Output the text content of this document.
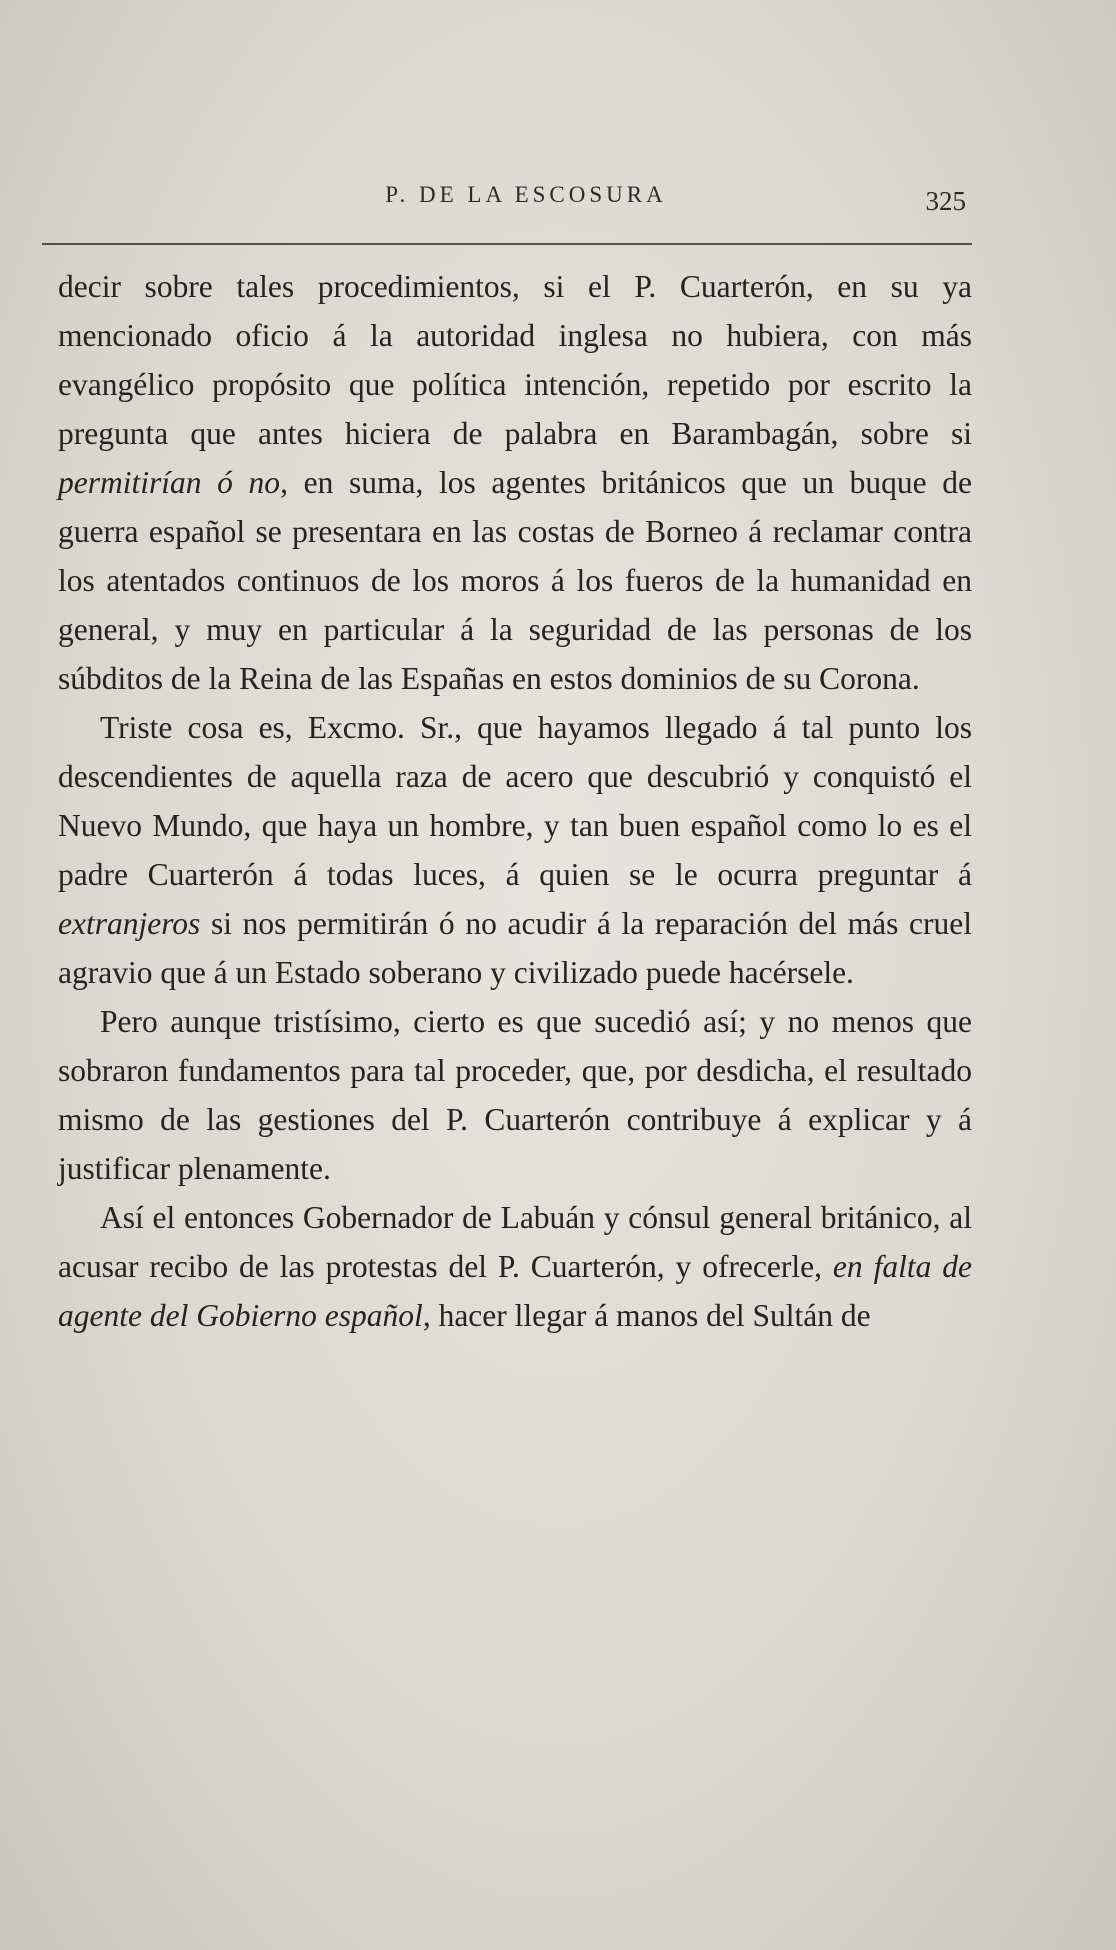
P. DE LA ESCOSURA	325

decir sobre tales procedimientos, si el P. Cuarterón, en su ya mencionado oficio á la autoridad inglesa no hubiera, con más evangélico propósito que política intención, repetido por escrito la pregunta que antes hiciera de palabra en Barambagán, sobre si permitirían ó no, en suma, los agentes británicos que un buque de guerra español se presentara en las costas de Borneo á reclamar contra los atentados continuos de los moros á los fueros de la humanidad en general, y muy en particular á la seguridad de las personas de los súbditos de la Reina de las Españas en estos dominios de su Corona.

Triste cosa es, Excmo. Sr., que hayamos llegado á tal punto los descendientes de aquella raza de acero que descubrió y conquistó el Nuevo Mundo, que haya un hombre, y tan buen español como lo es el padre Cuarterón á todas luces, á quien se le ocurra preguntar á extranjeros si nos permitirán ó no acudir á la reparación del más cruel agravio que á un Estado soberano y civilizado puede hacérsele.

Pero aunque tristísimo, cierto es que sucedió así; y no menos que sobraron fundamentos para tal proceder, que, por desdicha, el resultado mismo de las gestiones del P. Cuarterón contribuye á explicar y á justificar plenamente.

Así el entonces Gobernador de Labuán y cónsul general británico, al acusar recibo de las protestas del P. Cuarterón, y ofrecerle, en falta de agente del Gobierno español, hacer llegar á manos del Sultán de
